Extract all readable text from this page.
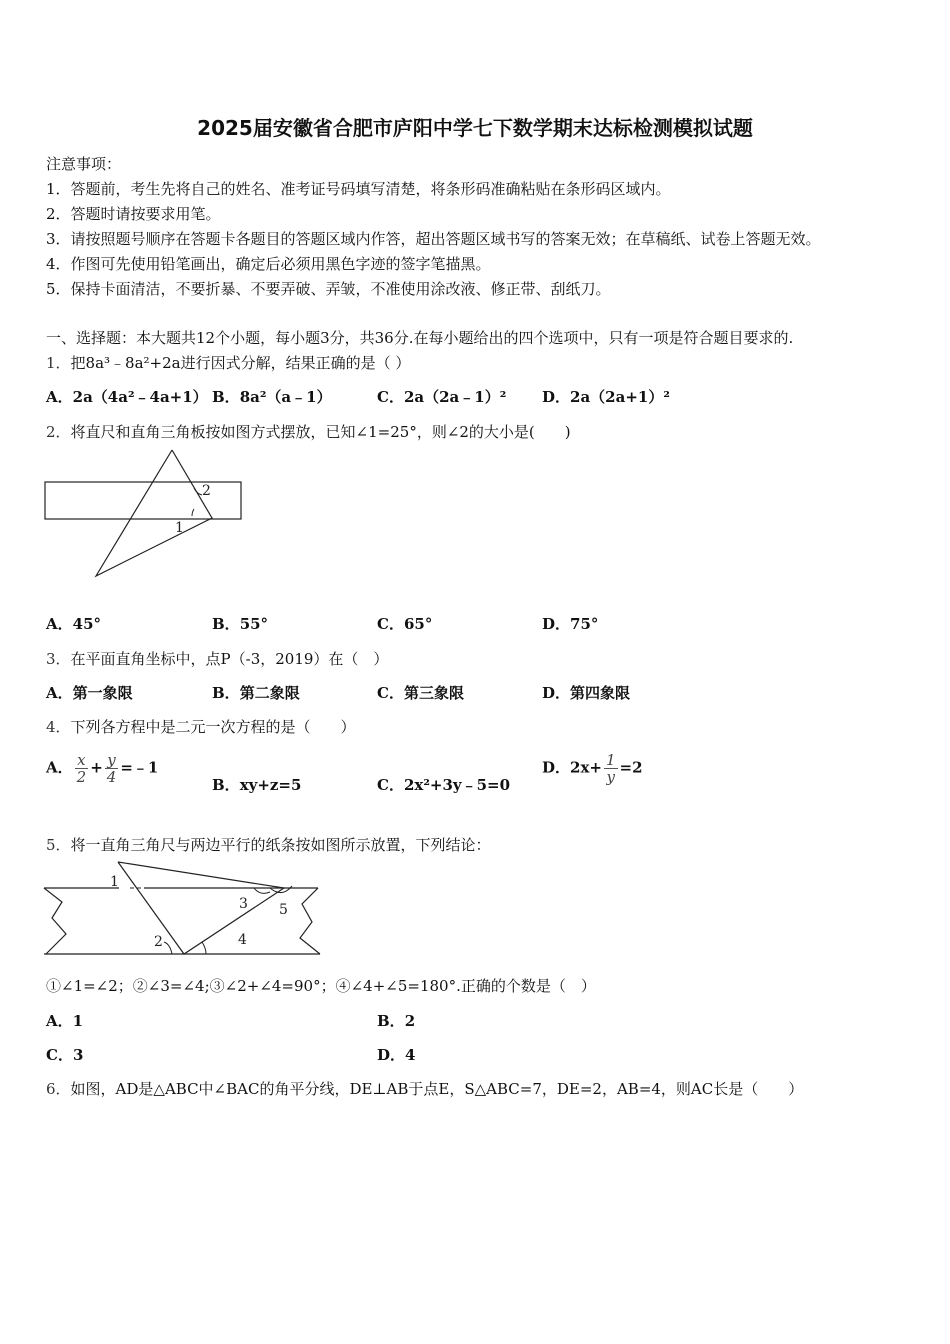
2025届安徽省合肥市庐阳中学七下数学期末达标检测模拟试题
注意事项：
1．答题前，考生先将自己的姓名、准考证号码填写清楚，将条形码准确粘贴在条形码区域内。
2．答题时请按要求用笔。
3．请按照题号顺序在答题卡各题目的答题区域内作答，超出答题区域书写的答案无效；在草稿纸、试卷上答题无效。
4．作图可先使用铅笔画出，确定后必须用黑色字迹的签字笔描黑。
5．保持卡面清洁，不要折暴、不要弄破、弄皱，不准使用涂改液、修正带、刮纸刀。
一、选择题：本大题共12个小题，每小题3分，共36分.在每小题给出的四个选项中，只有一项是符合题目要求的.
1．把8a³﹣8a²+2a进行因式分解，结果正确的是（ ）
A．2a（4a²﹣4a+1） B．8a²（a﹣1）	C．2a（2a﹣1）² D．2a（2a+1）²
2．将直尺和直角三角板按如图方式摆放，已知∠1=25°，则∠2的大小是(　　)
2
1
A．45°	B．55°	C．65°	D．75°
3．在平面直角坐标中，点P（-3，2019）在（　）
A．第一象限	B．第二象限	C．第三象限	D．第四象限
4．下列各方程中是二元一次方程的是（　　）
A． $\frac{x}{2} + \frac{y}{4}$ =﹣1
B．xy+z=5	C．2x²+3y﹣5=0
D．$2x+ \frac{1}{y} =2$
5．将一直角三角尺与两边平行的纸条按如图所示放置，下列结论：
1
2
3
4
5
①∠1=∠2；②∠3=∠4;③∠2+∠4=90°；④∠4+∠5=180°.正确的个数是（　）
A．1	B．2
C．3	D．4
6．如图，AD是△ABC中∠BAC的角平分线，DE⊥AB于点E，S△ABC=7，DE=2，AB=4，则AC长是（　　）
